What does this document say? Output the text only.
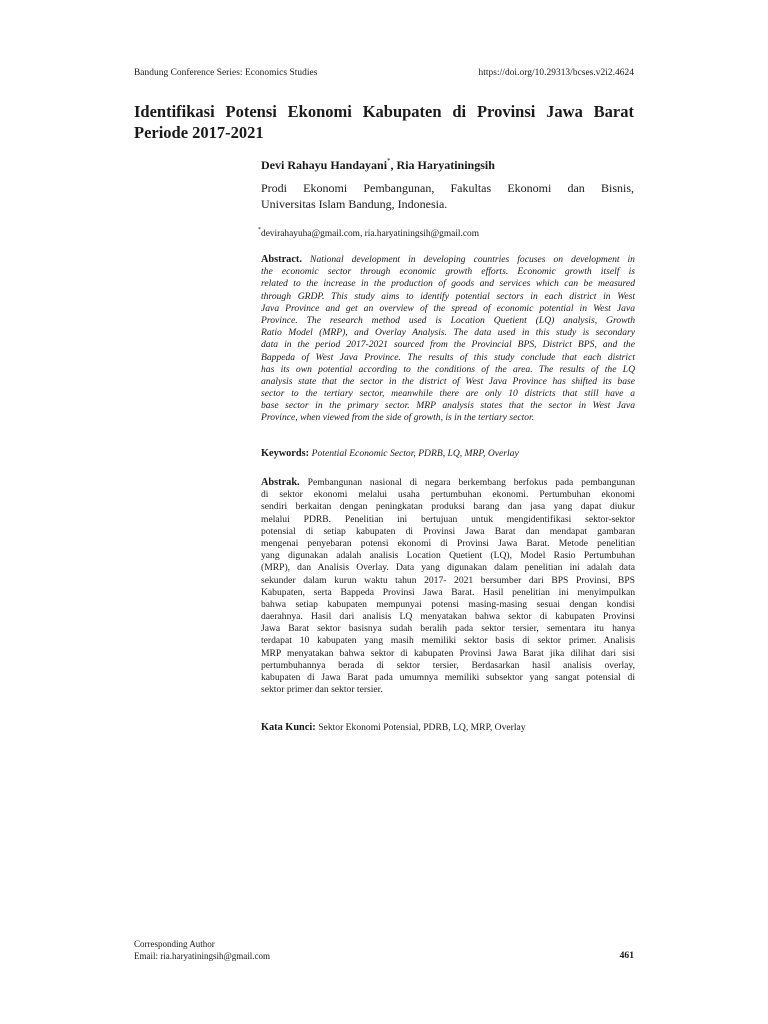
Bandung Conference Series: Economics Studies	https://doi.org/10.29313/bcses.v2i2.4624
Identifikasi Potensi Ekonomi Kabupaten di Provinsi Jawa Barat
Periode 2017-2021
Devi Rahayu Handayani*, Ria Haryatiningsih
Prodi Ekonomi Pembangunan, Fakultas Ekonomi dan Bisnis,
Universitas Islam Bandung, Indonesia.
*devirahayuha@gmail.com, ria.haryatiningsih@gmail.com
Abstract. National development in developing countries focuses on development in
the economic sector through economic growth efforts. Economic growth itself is
related to the increase in the production of goods and services which can be measured
through GRDP. This study aims to identify potential sectors in each district in West
Java Province and get an overview of the spread of economic potential in West Java
Province. The research method used is Location Quetient (LQ) analysis, Growth
Ratio Model (MRP), and Overlay Analysis. The data used in this study is secondary
data in the period 2017-2021 sourced from the Provincial BPS, District BPS, and the
Bappeda of West Java Province. The results of this study conclude that each district
has its own potential according to the conditions of the area. The results of the LQ
analysis state that the sector in the district of West Java Province has shifted its base
sector to the tertiary sector, meanwhile there are only 10 districts that still have a
base sector in the primary sector. MRP analysis states that the sector in West Java
Province, when viewed from the side of growth, is in the tertiary sector.
Keywords: Potential Economic Sector, PDRB, LQ, MRP, Overlay
Abstrak. Pembangunan nasional di negara berkembang berfokus pada pembangunan
di sektor ekonomi melalui usaha pertumbuhan ekonomi. Pertumbuhan ekonomi
sendiri berkaitan dengan peningkatan produksi barang dan jasa yang dapat diukur
melalui PDRB. Penelitian ini bertujuan untuk mengidentifikasi sektor-sektor
potensial di setiap kabupaten di Provinsi Jawa Barat dan mendapat gambaran
mengenai penyebaran potensi ekonomi di Provinsi Jawa Barat. Metode penelitian
yang digunakan adalah analisis Location Quetient (LQ), Model Rasio Pertumbuhan
(MRP), dan Analisis Overlay. Data yang digunakan dalam penelitian ini adalah data
sekunder dalam kurun waktu tahun 2017- 2021 bersumber dari BPS Provinsi, BPS
Kabupaten, serta Bappeda Provinsi Jawa Barat. Hasil penelitian ini menyimpulkan
bahwa setiap kabupaten mempunyai potensi masing-masing sesuai dengan kondisi
daerahnya. Hasil dari analisis LQ menyatakan bahwa sektor di kabupaten Provinsi
Jawa Barat sektor basisnya sudah beralih pada sektor tersier, sementara itu hanya
terdapat 10 kabupaten yang masih memiliki sektor basis di sektor primer. Analisis
MRP menyatakan bahwa sektor di kabupaten Provinsi Jawa Barat jika dilihat dari sisi
pertumbuhannya berada di sektor tersier, Berdasarkan hasil analisis overlay,
kabupaten di Jawa Barat pada umumnya memiliki subsektor yang sangat potensial di
sektor primer dan sektor tersier.
Kata Kunci: Sektor Ekonomi Potensial, PDRB, LQ, MRP, Overlay
Corresponding Author
Email: ria.haryatiningsih@gmail.com	461
